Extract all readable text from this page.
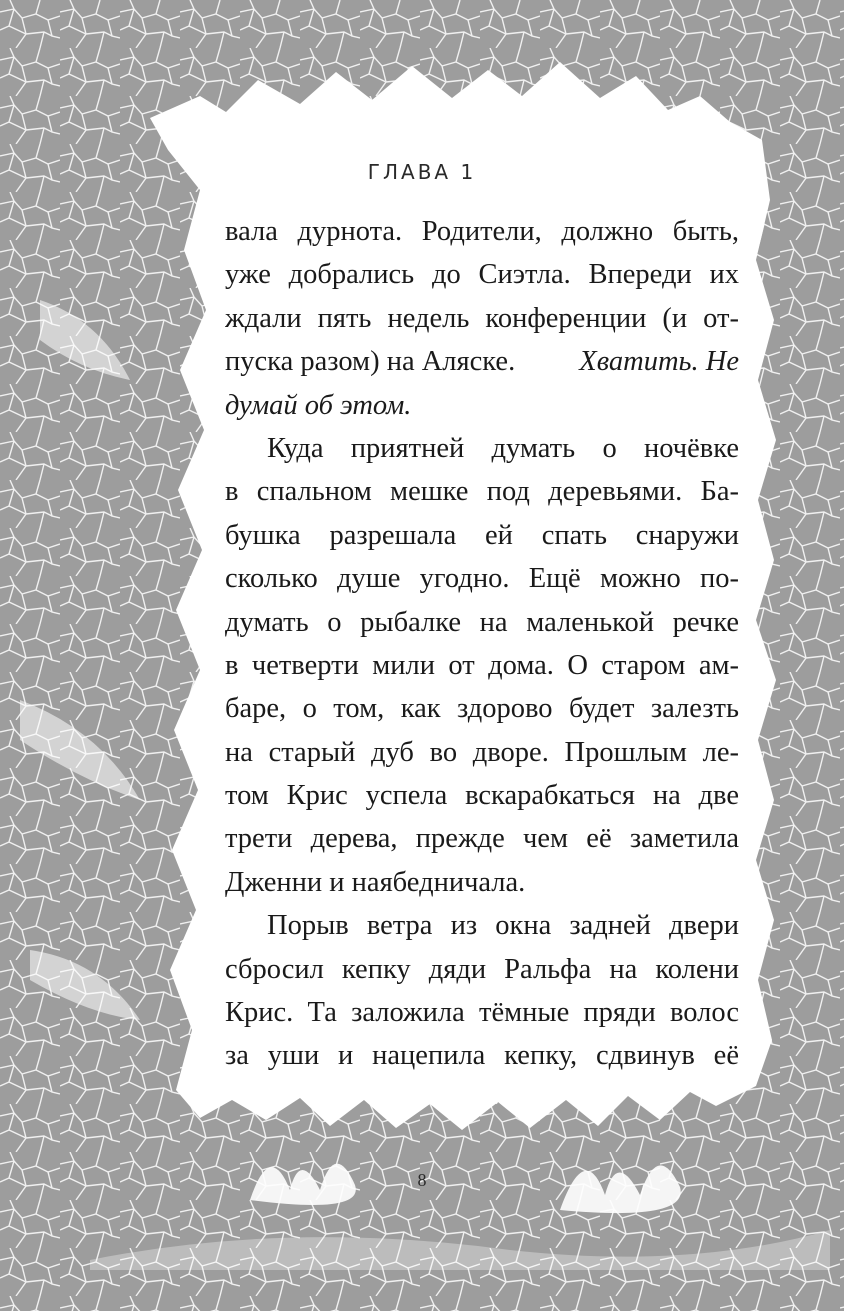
ГЛАВА 1
вала дурнота. Родители, должно быть,
уже добрались до Сиэтла. Впереди их
ждали пять недель конференции (и от-
пуска разом) на Аляске. Хватить. Не
думай об этом.
Куда приятней думать о ночёвке
в спальном мешке под деревьями. Ба-
бушка разрешала ей спать снаружи
сколько душе угодно. Ещё можно по-
думать о рыбалке на маленькой речке
в четверти мили от дома. О старом ам-
баре, о том, как здорово будет залезть
на старый дуб во дворе. Прошлым ле-
том Крис успела вскарабкаться на две
трети дерева, прежде чем её заметила
Дженни и наябедничала.
Порыв ветра из окна задней двери
сбросил кепку дяди Ральфа на колени
Крис. Та заложила тёмные пряди волос
за уши и нацепила кепку, сдвинув её
8
